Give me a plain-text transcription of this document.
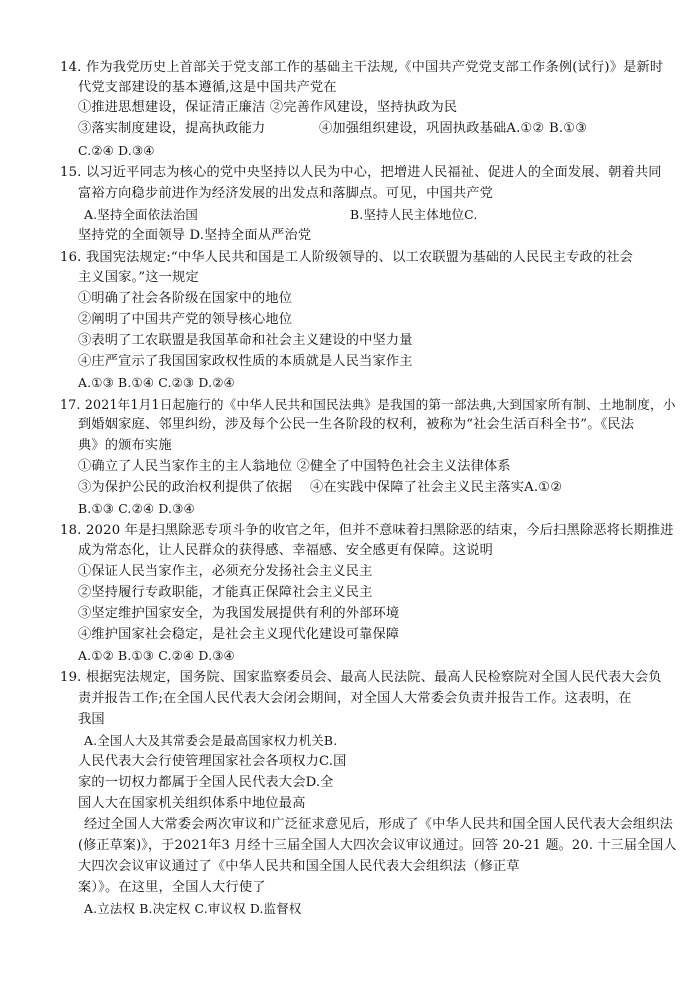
14. 作为我党历史上首部关于党支部工作的基础主干法规,《中国共产党党支部工作条例(试行)》是新时
代党支部建设的基本遵循,这是中国共产党在
①推进思想建设，保证清正廉洁 ②完善作风建设，坚持执政为民
③落实制度建设，提高执政能力　　　　④加强组织建设，巩固执政基础A.①② B.①③
C.②④ D.③④
15. 以习近平同志为核心的党中央坚持以人民为中心，把增进人民福祉、促进人的全面发展、朝着共同
富裕方向稳步前进作为经济发展的出发点和落脚点。可见，中国共产党
A.坚持全面依法治国	B.坚持人民主体地位C.
坚持党的全面领导 D.坚持全面从严治党
16. 我国宪法规定:“中华人民共和国是工人阶级领导的、以工农联盟为基础的人民民主专政的社会
主义国家。”这一规定
①明确了社会各阶级在国家中的地位
②阐明了中国共产党的领导核心地位
③表明了工农联盟是我国革命和社会主义建设的中坚力量
④庄严宣示了我国国家政权性质的本质就是人民当家作主
A.①③ B.①④ C.②③ D.②④
17. 2021年1月1日起施行的《中华人民共和国民法典》是我国的第一部法典,大到国家所有制、土地制度，小
到婚姻家庭、邻里纠纷，涉及每个公民一生各阶段的权利，被称为“社会生活百科全书”。《民法
典》的颁布实施
①确立了人民当家作主的主人翁地位 ②健全了中国特色社会主义法律体系
③为保护公民的政治权利提供了依据　 ④在实践中保障了社会主义民主落实A.①②
B.①③ C.②④ D.③④
18. 2020 年是扫黑除恶专项斗争的收官之年，但并不意味着扫黑除恶的结束，今后扫黑除恶将长期推进
成为常态化，让人民群众的获得感、幸福感、安全感更有保障。这说明
①保证人民当家作主，必须充分发扬社会主义民主
②坚持履行专政职能，才能真正保障社会主义民主
③坚定维护国家安全，为我国发展提供有利的外部环境
④维护国家社会稳定，是社会主义现代化建设可靠保障
A.①② B.①③ C.②④ D.③④
19. 根据宪法规定，国务院、国家监察委员会、最高人民法院、最高人民检察院对全国人民代表大会负
责并报告工作;在全国人民代表大会闭会期间，对全国人大常委会负责并报告工作。这表明，在
我国
A.全国人大及其常委会是最高国家权力机关B.
人民代表大会行使管理国家社会各项权力C.国
家的一切权力都属于全国人民代表大会D.全
国人大在国家机关组织体系中地位最高
经过全国人大常委会两次审议和广泛征求意见后，形成了《中华人民共和国全国人民代表大会组织法
(修正草案)》，于2021年3 月经十三届全国人大四次会议审议通过。回答 20-21 题。20. 十三届全国人
大四次会议审议通过了《中华人民共和国全国人民代表大会组织法（修正草
案）》。在这里，全国人大行使了
A.立法权 B.决定权 C.审议权 D.监督权
